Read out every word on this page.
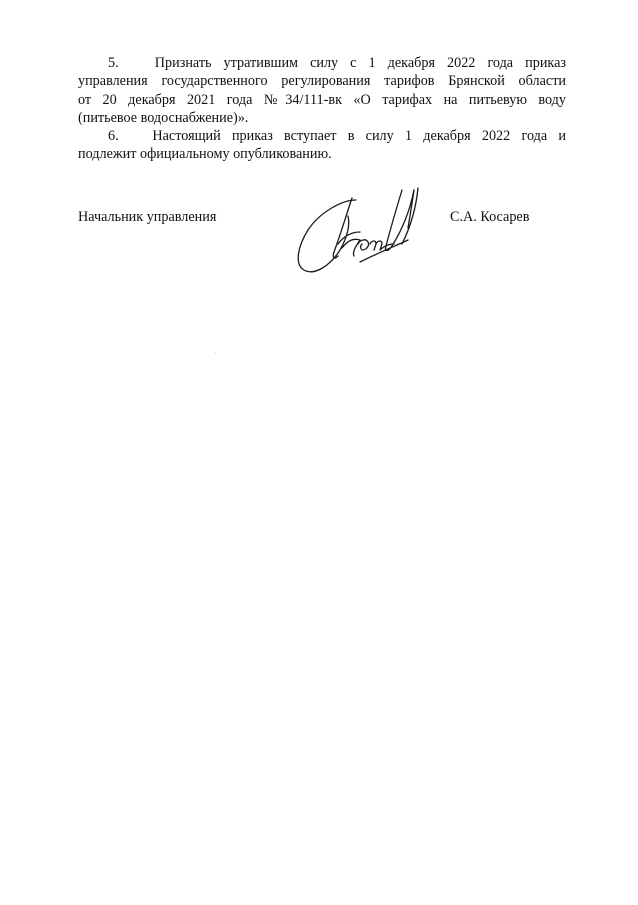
5.	Признать утратившим силу с 1 декабря 2022 года приказ
управления государственного регулирования тарифов Брянской области
от 20 декабря 2021 года №34/111-вк «О тарифах на питьевую воду
(питьевое водоснабжение)».

6. Настоящий приказ вступает в силу 1 декабря 2022 года и
подлежит официальному опубликованию.

Начальник управления	С.А. Косарев
